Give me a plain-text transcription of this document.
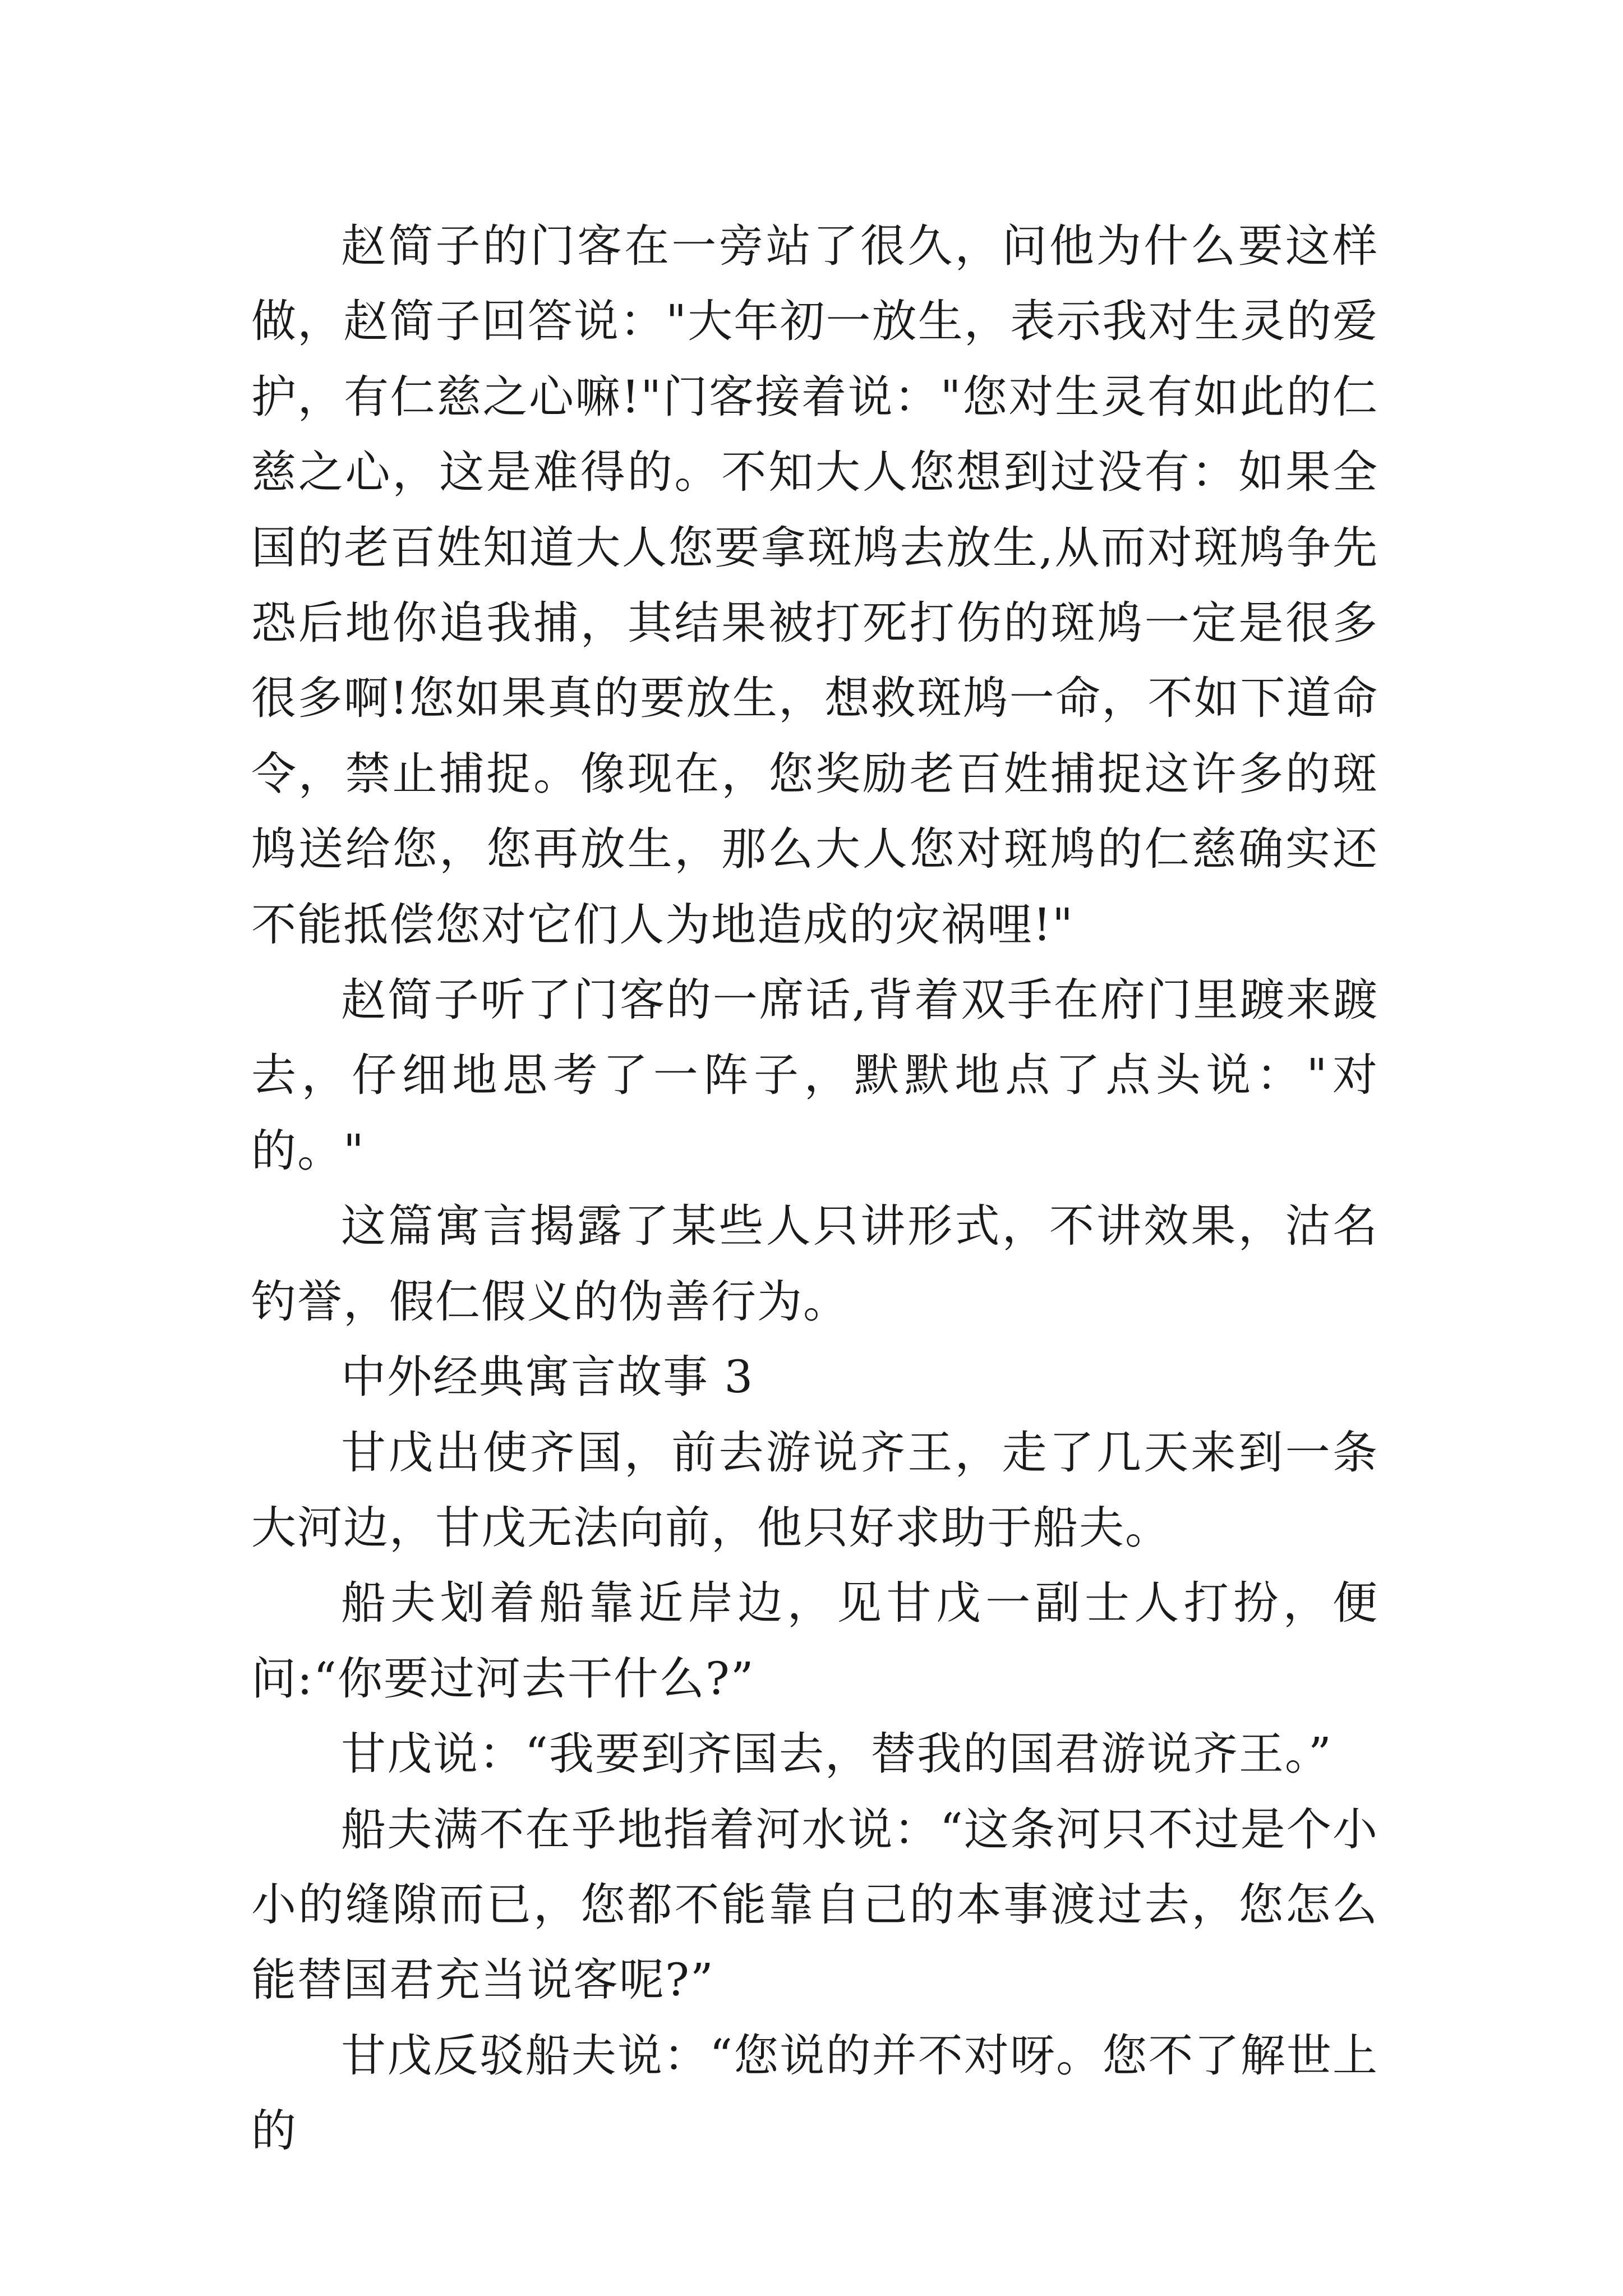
赵简子的门客在一旁站了很久，问他为什么要这样做，赵简子回答说："大年初一放生，表示我对生灵的爱护，有仁慈之心嘛!"门客接着说："您对生灵有如此的仁慈之心，这是难得的。不知大人您想到过没有：如果全国的老百姓知道大人您要拿斑鸠去放生,从而对斑鸠争先恐后地你追我捕，其结果被打死打伤的斑鸠一定是很多很多啊!您如果真的要放生，想救斑鸠一命，不如下道命令，禁止捕捉。像现在，您奖励老百姓捕捉这许多的斑鸠送给您，您再放生，那么大人您对斑鸠的仁慈确实还不能抵偿您对它们人为地造成的灾祸哩!"

赵简子听了门客的一席话,背着双手在府门里踱来踱去，仔细地思考了一阵子，默默地点了点头说："对的。"

这篇寓言揭露了某些人只讲形式，不讲效果，沽名钓誉，假仁假义的伪善行为。

中外经典寓言故事 3

甘戊出使齐国，前去游说齐王，走了几天来到一条大河边，甘戊无法向前，他只好求助于船夫。

船夫划着船靠近岸边，见甘戊一副士人打扮，便问:“你要过河去干什么?”

甘戊说：“我要到齐国去，替我的国君游说齐王。”

船夫满不在乎地指着河水说：“这条河只不过是个小小的缝隙而已，您都不能靠自己的本事渡过去，您怎么能替国君充当说客呢?”

甘戊反驳船夫说：“您说的并不对呀。您不了解世上的
